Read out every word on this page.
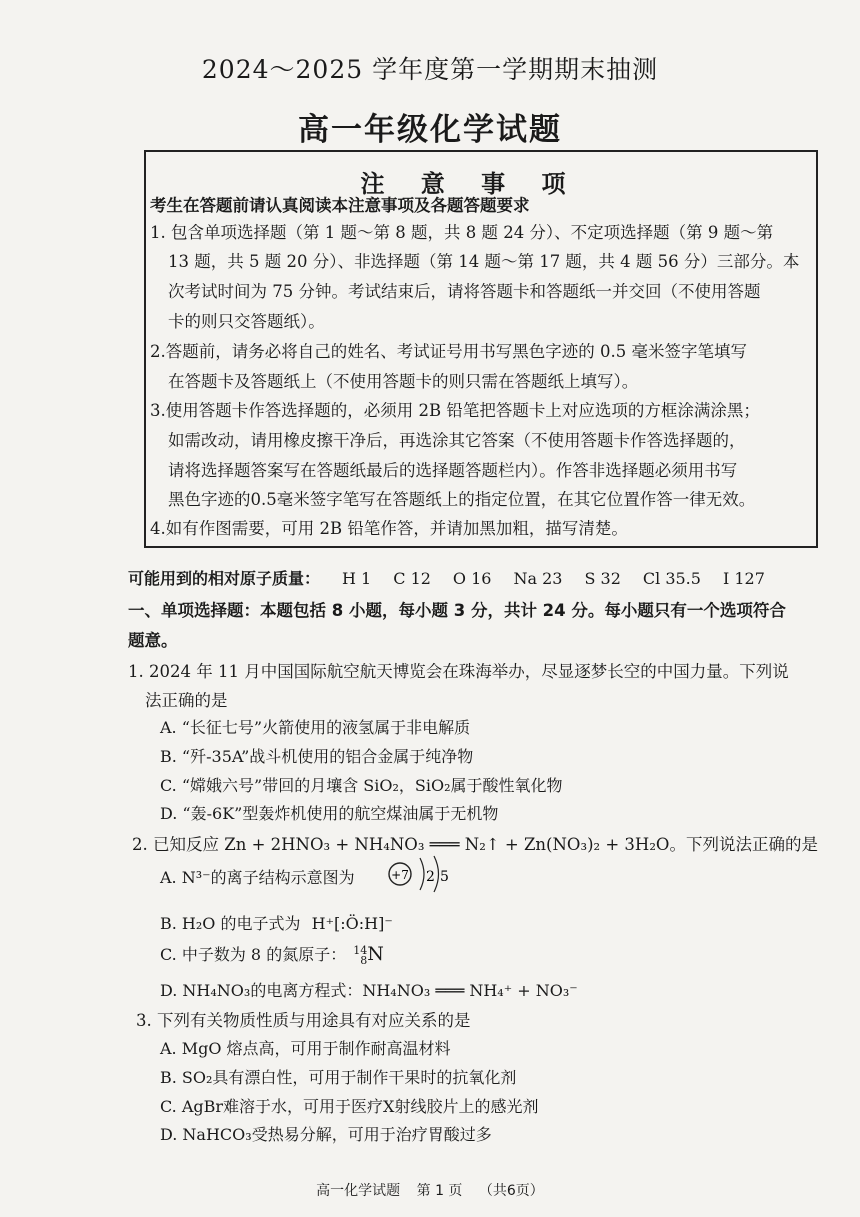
2024～2025 学年度第一学期期末抽测
高一年级化学试题
注 意 事 项
考生在答题前请认真阅读本注意事项及各题答题要求
1. 包含单项选择题（第 1 题～第 8 题，共 8 题 24 分）、不定项选择题（第 9 题～第
13 题，共 5 题 20 分）、非选择题（第 14 题～第 17 题，共 4 题 56 分）三部分。本
次考试时间为 75 分钟。考试结束后，请将答题卡和答题纸一并交回（不使用答题
卡的则只交答题纸）。
2.答题前，请务必将自己的姓名、考试证号用书写黑色字迹的 0.5 毫米签字笔填写
在答题卡及答题纸上（不使用答题卡的则只需在答题纸上填写）。
3.使用答题卡作答选择题的，必须用 2B 铅笔把答题卡上对应选项的方框涂满涂黑；
如需改动，请用橡皮擦干净后，再选涂其它答案（不使用答题卡作答选择题的，
请将选择题答案写在答题纸最后的选择题答题栏内）。作答非选择题必须用书写
黑色字迹的0.5毫米签字笔写在答题纸上的指定位置，在其它位置作答一律无效。
4.如有作图需要，可用 2B 铅笔作答，并请加黑加粗，描写清楚。
可能用到的相对原子质量： H 1 C 12 O 16 Na 23 S 32 Cl 35.5 I 127
一、单项选择题：本题包括 8 小题，每小题 3 分，共计 24 分。每小题只有一个选项符合
题意。
1. 2024 年 11 月中国国际航空航天博览会在珠海举办，尽显逐梦长空的中国力量。下列说
法正确的是
A. “长征七号”火箭使用的液氢属于非电解质
B. “歼-35A”战斗机使用的铝合金属于纯净物
C. “嫦娥六号”带回的月壤含 SiO₂，SiO₂属于酸性氧化物
D. “轰-6K”型轰炸机使用的航空煤油属于无机物
2. 已知反应 Zn + 2HNO₃ + NH₄NO₃ ═══ N₂↑ + Zn(NO₃)₂ + 3H₂O。下列说法正确的是
A. N³⁻的离子结构示意图为	+7 2 5
B. H₂O 的电子式为 H⁺[:Ö:H]⁻
C. 中子数为 8 的氮原子： 14
8 N
D. NH₄NO₃的电离方程式：NH₄NO₃ ═══ NH₄⁺ + NO₃⁻
3. 下列有关物质性质与用途具有对应关系的是
A. MgO 熔点高，可用于制作耐高温材料
B. SO₂具有漂白性，可用于制作干果时的抗氧化剂
C. AgBr难溶于水，可用于医疗X射线胶片上的感光剂
D. NaHCO₃受热易分解，可用于治疗胃酸过多
高一化学试题 第 1 页 （共6页）
